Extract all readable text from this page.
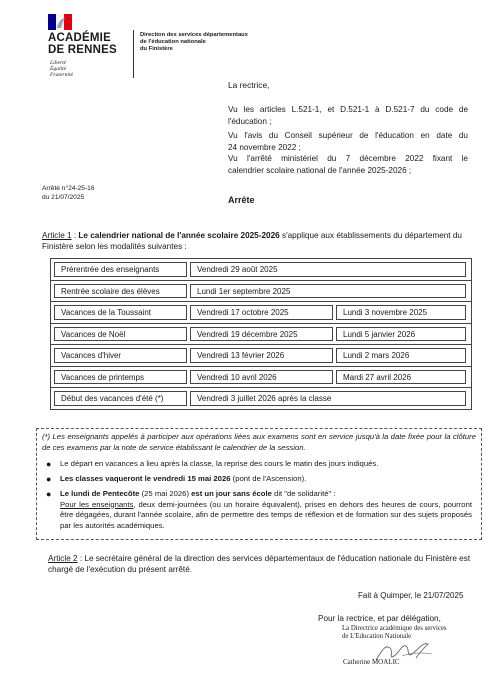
ACADÉMIE
DE RENNES
Liberté
Égalité
Fraternité
Direction des services départementaux
de l'éducation nationale
du Finistère
La rectrice,
Vu les articles L.521-1, et D.521-1 à D.521-7 du code de
l'éducation ;
Vu l'avis du Conseil supérieur de l'éducation en date du
24 novembre 2022 ;
Vu l'arrêté ministériel du 7 décembre 2022 fixant le
calendrier scolaire national de l'année 2025-2026 ;
Arrêté n°24-25-16
du 21/07/2025	Arrête
Article 1 : Le calendrier national de l'année scolaire 2025-2026 s'applique aux établissements du département du Finistère selon les modalités suivantes :
Prérentrée des enseignants	Vendredi 29 août 2025
Rentrée scolaire des élèves	Lundi 1er septembre 2025
Vacances de la Toussaint	Vendredi 17 octobre 2025	Lundi 3 novembre 2025
Vacances de Noël	Vendredi 19 décembre 2025	Lundi 5 janvier 2026
Vacances d'hiver	Vendredi 13 février 2026	Lundi 2 mars 2026
Vacances de printemps	Vendredi 10 avril 2026	Mardi 27 avril 2026
Début des vacances d'été (*)	Vendredi 3 juillet 2026 après la classe
(*) Les enseignants appelés à participer aux opérations liées aux examens sont en service jusqu'à la date fixée pour la clôture de ces examens par la note de service établissant le calendrier de la session.
● Le départ en vacances a lieu après la classe, la reprise des cours le matin des jours indiqués.
● Les classes vaqueront le vendredi 15 mai 2026 (pont de l'Ascension).
● Le lundi de Pentecôte (25 mai 2026) est un jour sans école dit "de solidarité" :
Pour les enseignants, deux demi-journées (ou un horaire équivalent), prises en dehors des heures de cours, pourront être dégagées, durant l'année scolaire, afin de permettre des temps de réflexion et de formation sur des sujets proposés par les autorités académiques.
Article 2 : Le secrétaire général de la direction des services départementaux de l'éducation nationale du Finistère est chargé de l'exécution du présent arrêté.
Fait à Quimper, le 21/07/2025
Pour la rectrice, et par délégation,
La Directrice académique des services
de L'Education Nationale
Catherine MOALIC
